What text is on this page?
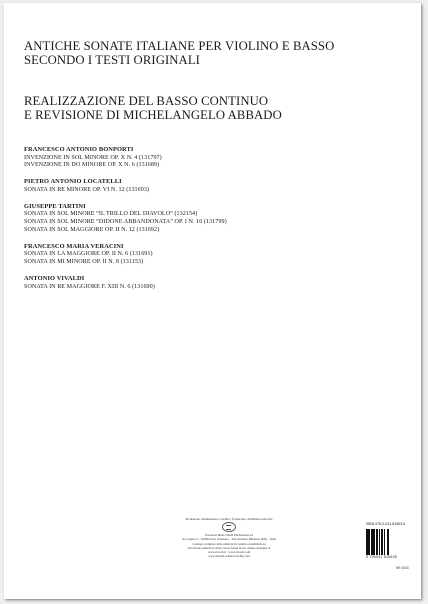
ANTICHE SONATE ITALIANE PER VIOLINO E BASSO
SECONDO I TESTI ORIGINALI
REALIZZAZIONE DEL BASSO CONTINUO
E REVISIONE DI MICHELANGELO ABBADO
FRANCESCO ANTONIO BONPORTI
INVENZIONE IN SOL MINORE OP. X N. 4 (131797)
INVENZIONE IN DO MINORE OP. X N. 6 (131689)
PIETRO ANTONIO LOCATELLI
SONATA IN RE MINORE OP. VI N. 12 (131693)
GIUSEPPE TARTINI
SONATA IN SOL MINORE “IL TRILLO DEL DIAVOLO” (132154)
SONATA IN SOL MINORE “DIDONE ABBANDONATA” OP. I N. 10 (131799)
SONATA IN SOL MAGGIORE OP. II N. 12 (131692)
FRANCESCO MARIA VERACINI
SONATA IN LA MAGGIORE OP. II N. 6 (131691)
SONATA IN MI MINORE OP. II N. 8 (131153)
ANTONIO VIVALDI
SONATA IN RE MAGGIORE F. XIII N. 6 (131690)
Produzione, distribuzione e vendita • Production, distribution and sale
Universal Music MGB Publications srl
via Liguria 4 – 20098 Sesto Ulteriano – San Giuliano Milanese (MI) – Italia
Catalogo completo delle edizioni in vendita consultabile su
All current editions in print can be found in our online catalogue at
www.ricordi.it · www.ricordi.com
www.durand-salabert-eschig.com
ISBN 978-0-041-81563-5
9 790041 815635
NR 1043
